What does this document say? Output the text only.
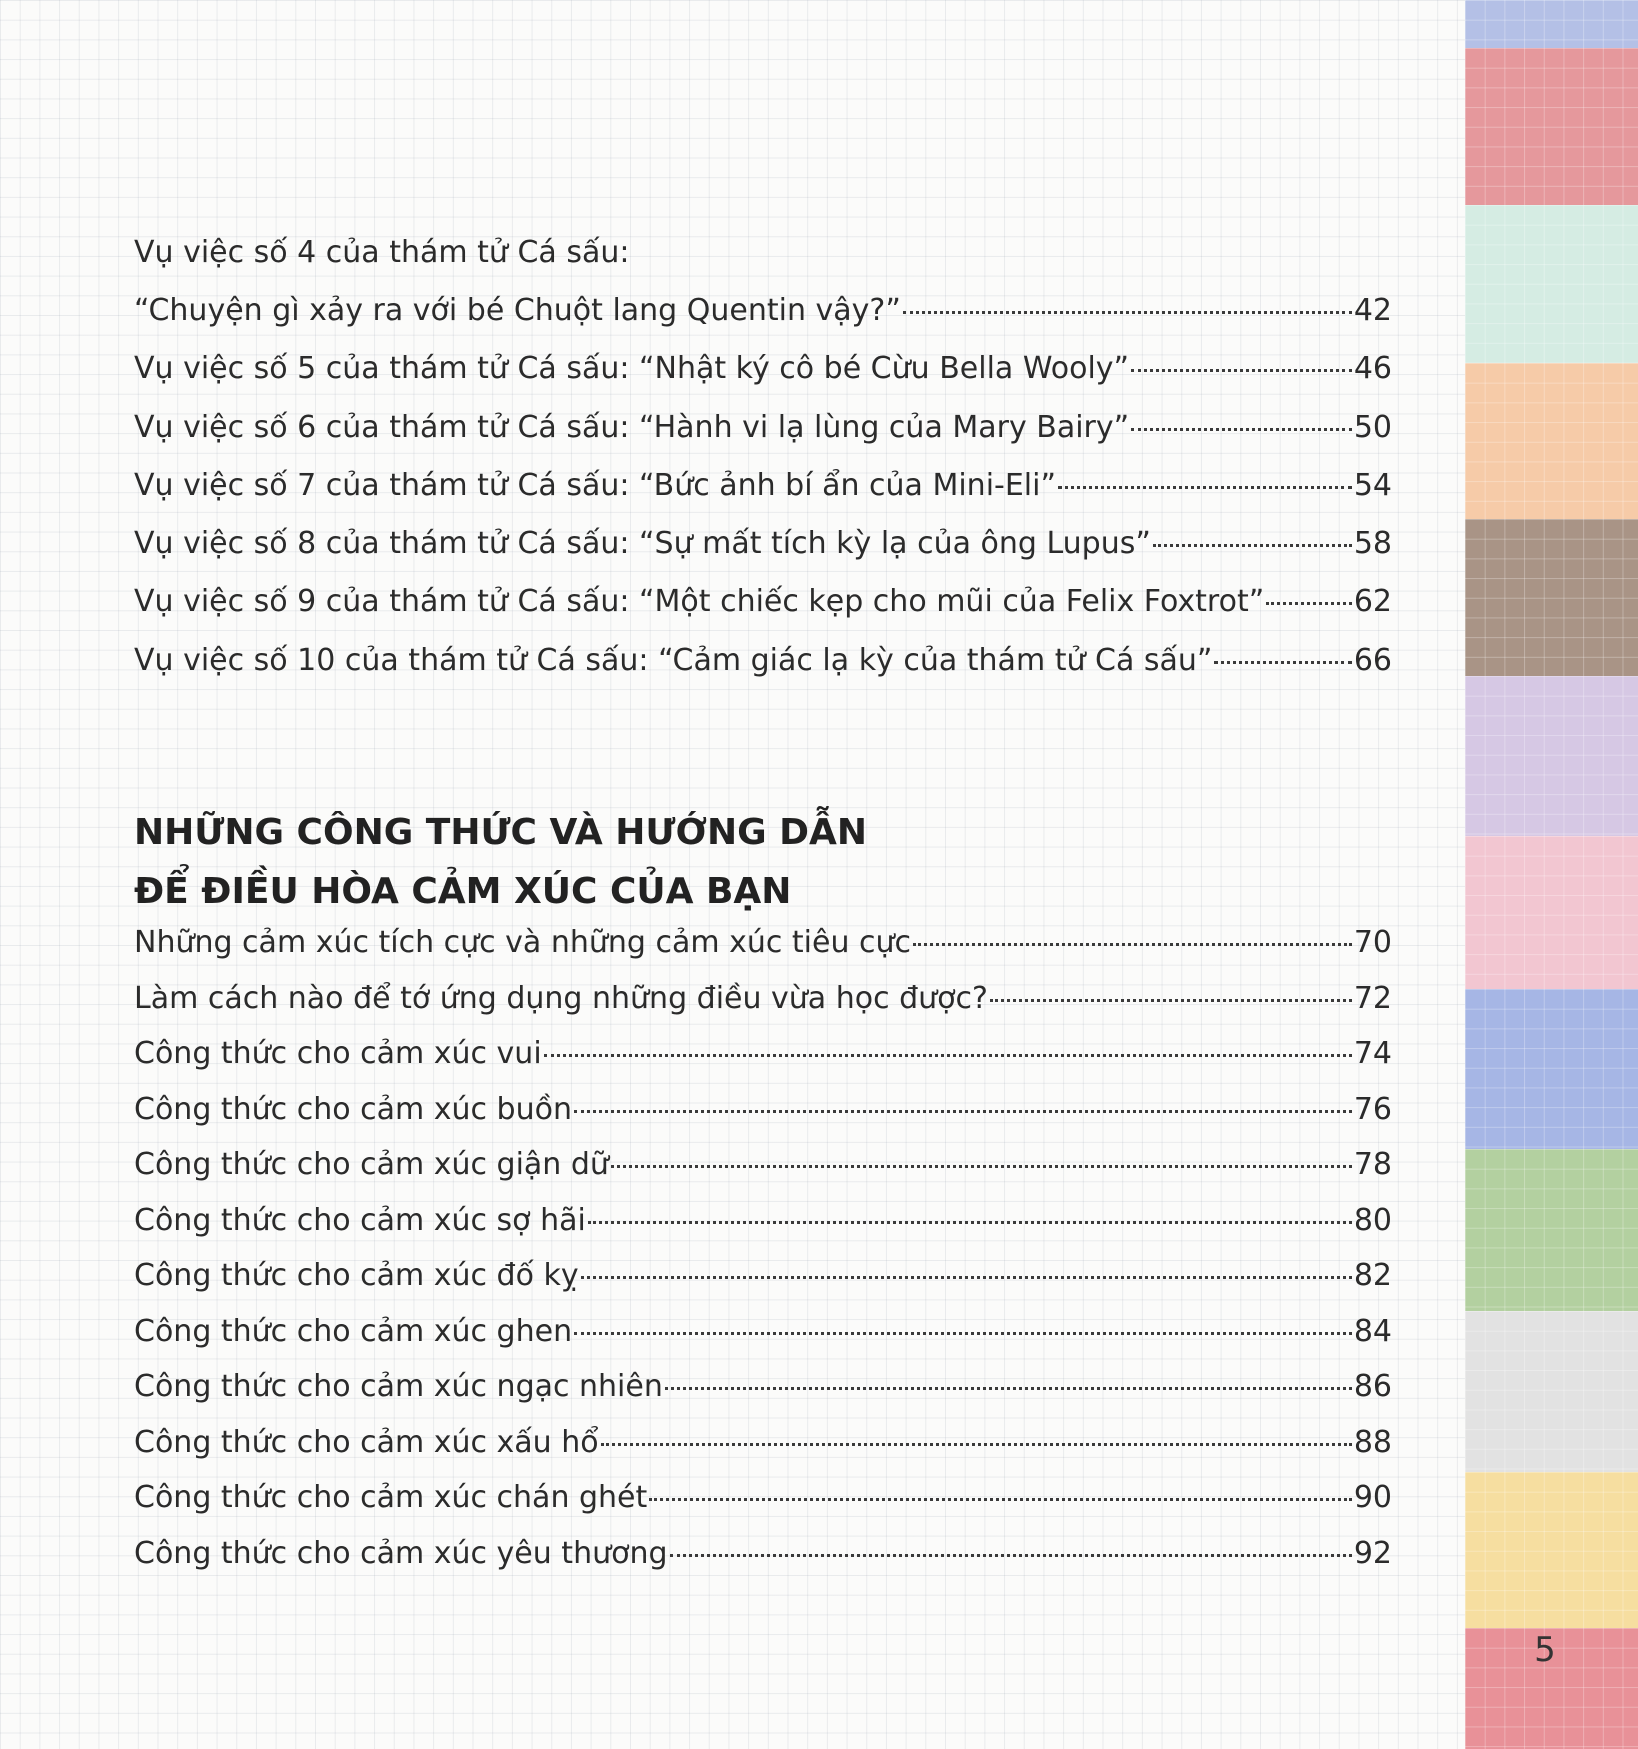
Vụ việc số 4 của thám tử Cá sấu:
“Chuyện gì xảy ra với bé Chuột lang Quentin vậy?”	42
Vụ việc số 5 của thám tử Cá sấu: “Nhật ký cô bé Cừu Bella Wooly”	46
Vụ việc số 6 của thám tử Cá sấu: “Hành vi lạ lùng của Mary Bairy”	50
Vụ việc số 7 của thám tử Cá sấu: “Bức ảnh bí ẩn của Mini-Eli”	54
Vụ việc số 8 của thám tử Cá sấu: “Sự mất tích kỳ lạ của ông Lupus”	58
Vụ việc số 9 của thám tử Cá sấu: “Một chiếc kẹp cho mũi của Felix Foxtrot”	62
Vụ việc số 10 của thám tử Cá sấu: “Cảm giác lạ kỳ của thám tử Cá sấu”	66
NHỮNG CÔNG THỨC VÀ HƯỚNG DẪN
ĐỂ ĐIỀU HÒA CẢM XÚC CỦA BẠN
Những cảm xúc tích cực và những cảm xúc tiêu cực	70
Làm cách nào để tớ ứng dụng những điều vừa học được?	72
Công thức cho cảm xúc vui	74
Công thức cho cảm xúc buồn	76
Công thức cho cảm xúc giận dữ	78
Công thức cho cảm xúc sợ hãi	80
Công thức cho cảm xúc đố kỵ	82
Công thức cho cảm xúc ghen	84
Công thức cho cảm xúc ngạc nhiên	86
Công thức cho cảm xúc xấu hổ	88
Công thức cho cảm xúc chán ghét	90
Công thức cho cảm xúc yêu thương	92
5
